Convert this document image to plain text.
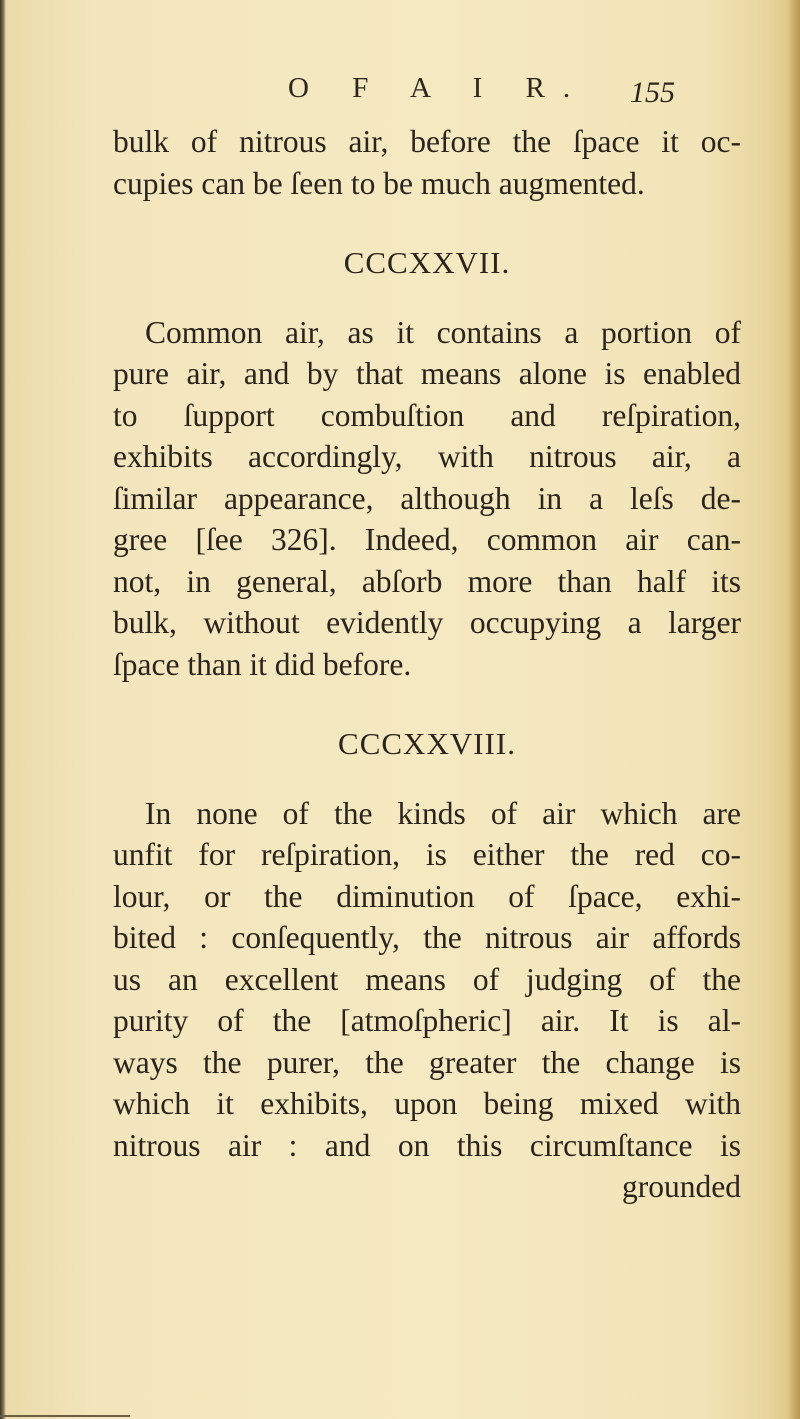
O F A I R. 155
bulk of nitrous air, before the ſpace it oc-
cupies can be ſeen to be much augmented.
CCCXXVII.
Common air, as it contains a portion of
pure air, and by that means alone is enabled
to ſupport combuſtion and reſpiration,
exhibits accordingly, with nitrous air, a
ſimilar appearance, although in a leſs de-
gree [ſee 326]. Indeed, common air can-
not, in general, abſorb more than half its
bulk, without evidently occupying a larger
ſpace than it did before.
CCCXXVIII.
In none of the kinds of air which are
unfit for reſpiration, is either the red co-
lour, or the diminution of ſpace, exhi-
bited : conſequently, the nitrous air affords
us an excellent means of judging of the
purity of the [atmoſpheric] air. It is al-
ways the purer, the greater the change is
which it exhibits, upon being mixed with
nitrous air : and on this circumſtance is
grounded
